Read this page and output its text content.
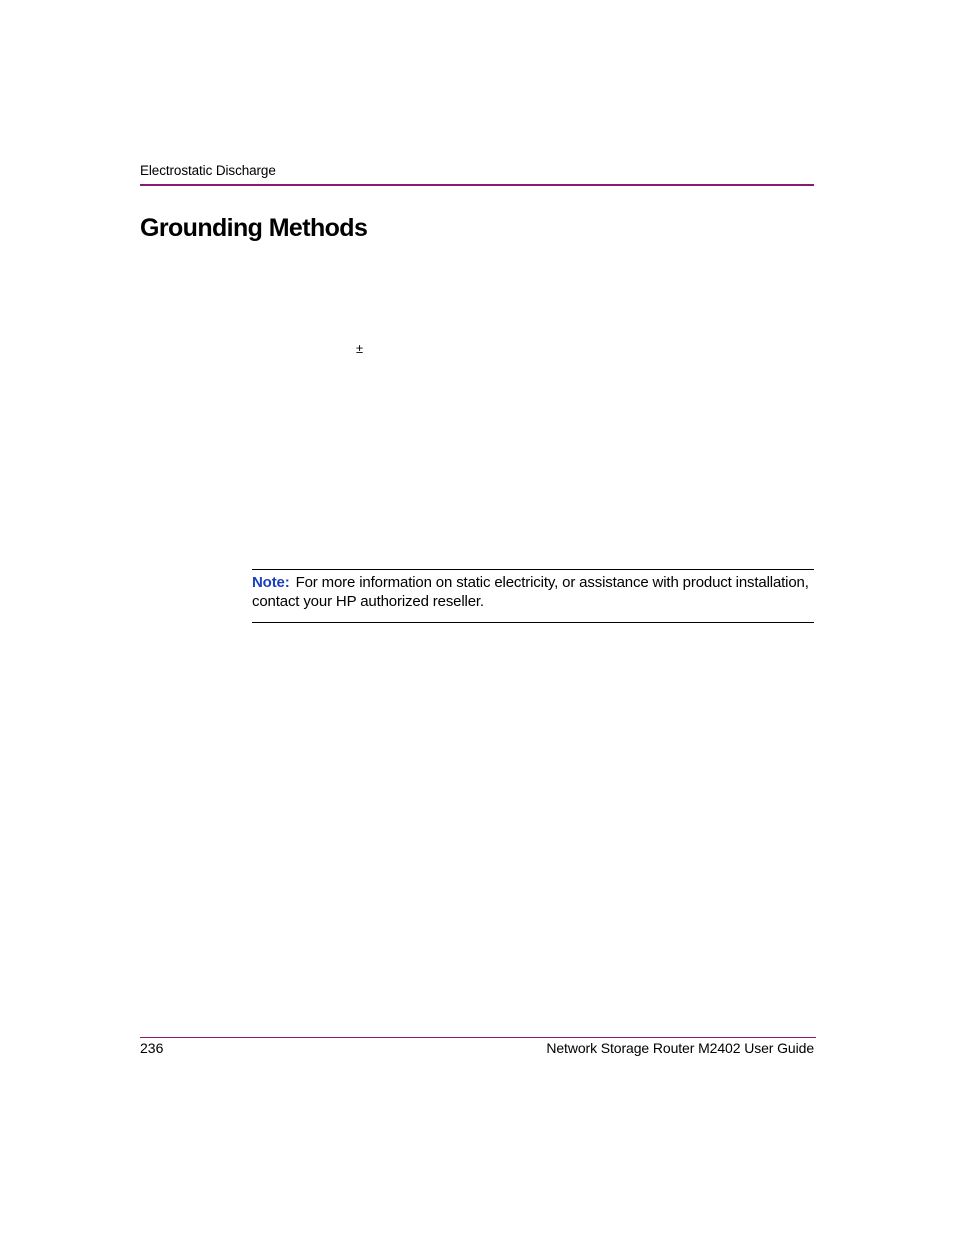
Electrostatic Discharge
Grounding Methods
±
Note: For more information on static electricity, or assistance with product installation, contact your HP authorized reseller.
236	Network Storage Router M2402 User Guide
